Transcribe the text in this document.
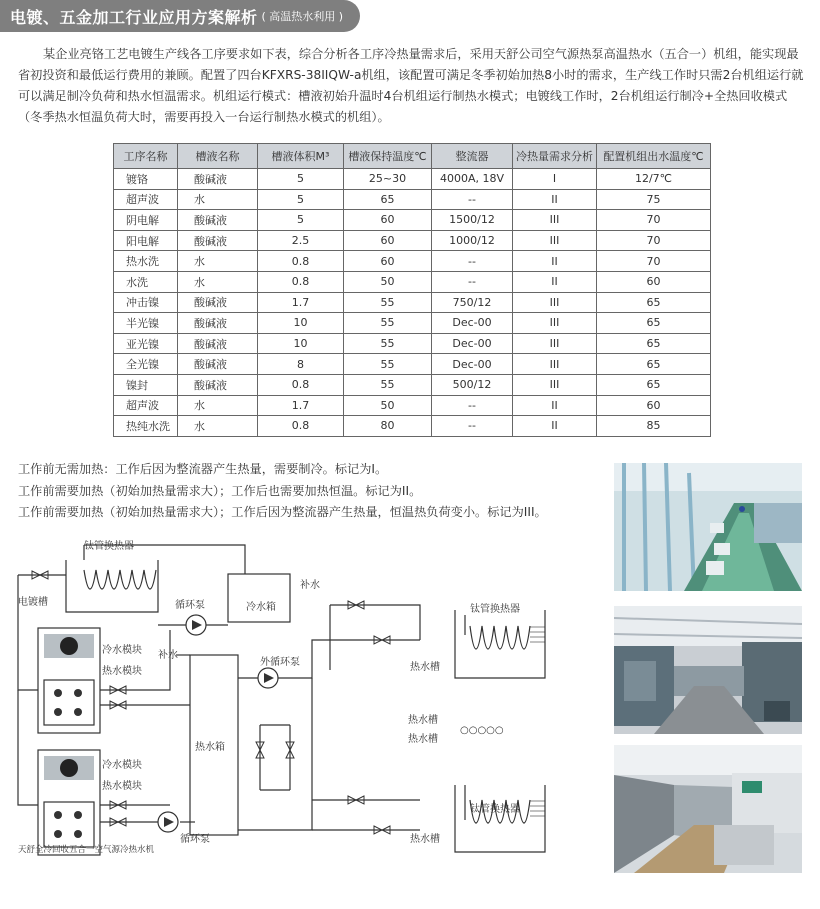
电镀、五金加工行业应用方案解析 ( 高温热水利用 )
某企业亮铬工艺电镀生产线各工序要求如下表，综合分析各工序冷热量需求后，采用天舒公司空气源热泵高温热水（五合一）机组，能实现最省初投资和最低运行费用的兼顾。配置了四台KFXRS-38IIQW-a机组，该配置可满足冬季初始加热8小时的需求，生产线工作时只需2台机组运行就可以满足制冷负荷和热水恒温需求。机组运行模式：槽液初始升温时4台机组运行制热水模式；电镀线工作时，2台机组运行制冷+全热回收模式（冬季热水恒温负荷大时，需要再投入一台运行制热水模式的机组）。
工序名称	槽液名称	槽液体积M³	槽液保持温度℃	整流器	冷热量需求分析	配置机组出水温度℃
镀铬	酸碱液	5	25~30	4000A, 18V	I	12/7℃
超声波	水	5	65	--	II	75
阴电解	酸碱液	5	60	1500/12	III	70
阳电解	酸碱液	2.5	60	1000/12	III	70
热水洗	水	0.8	60	--	II	70
水洗	水	0.8	50	--	II	60
冲击镍	酸碱液	1.7	55	750/12	III	65
半光镍	酸碱液	10	55	Dec-00	III	65
亚光镍	酸碱液	10	55	Dec-00	III	65
全光镍	酸碱液	8	55	Dec-00	III	65
镍封	酸碱液	0.8	55	500/12	III	65
超声波	水	1.7	50	--	II	60
热纯水洗	水	0.8	80	--	II	85
工作前无需加热：工作后因为整流器产生热量，需要制冷。标记为I。
工作前需要加热（初始加热量需求大）；工作后也需要加热恒温。标记为II。
工作前需要加热（初始加热量需求大）；工作后因为整流器产生热量，恒温热负荷变小。标记为III。
钛管换热器
电镀槽	循环泵	冷水箱
补水
冷水模块
热水模块
冷水模块
热水模块
补水
热水箱
外循环泵
钛管换热器
热水槽
热水槽
热水槽
○○○○○
钛管换热器
热水槽
循环泵
天舒全冷回收五合一空气源冷热水机
